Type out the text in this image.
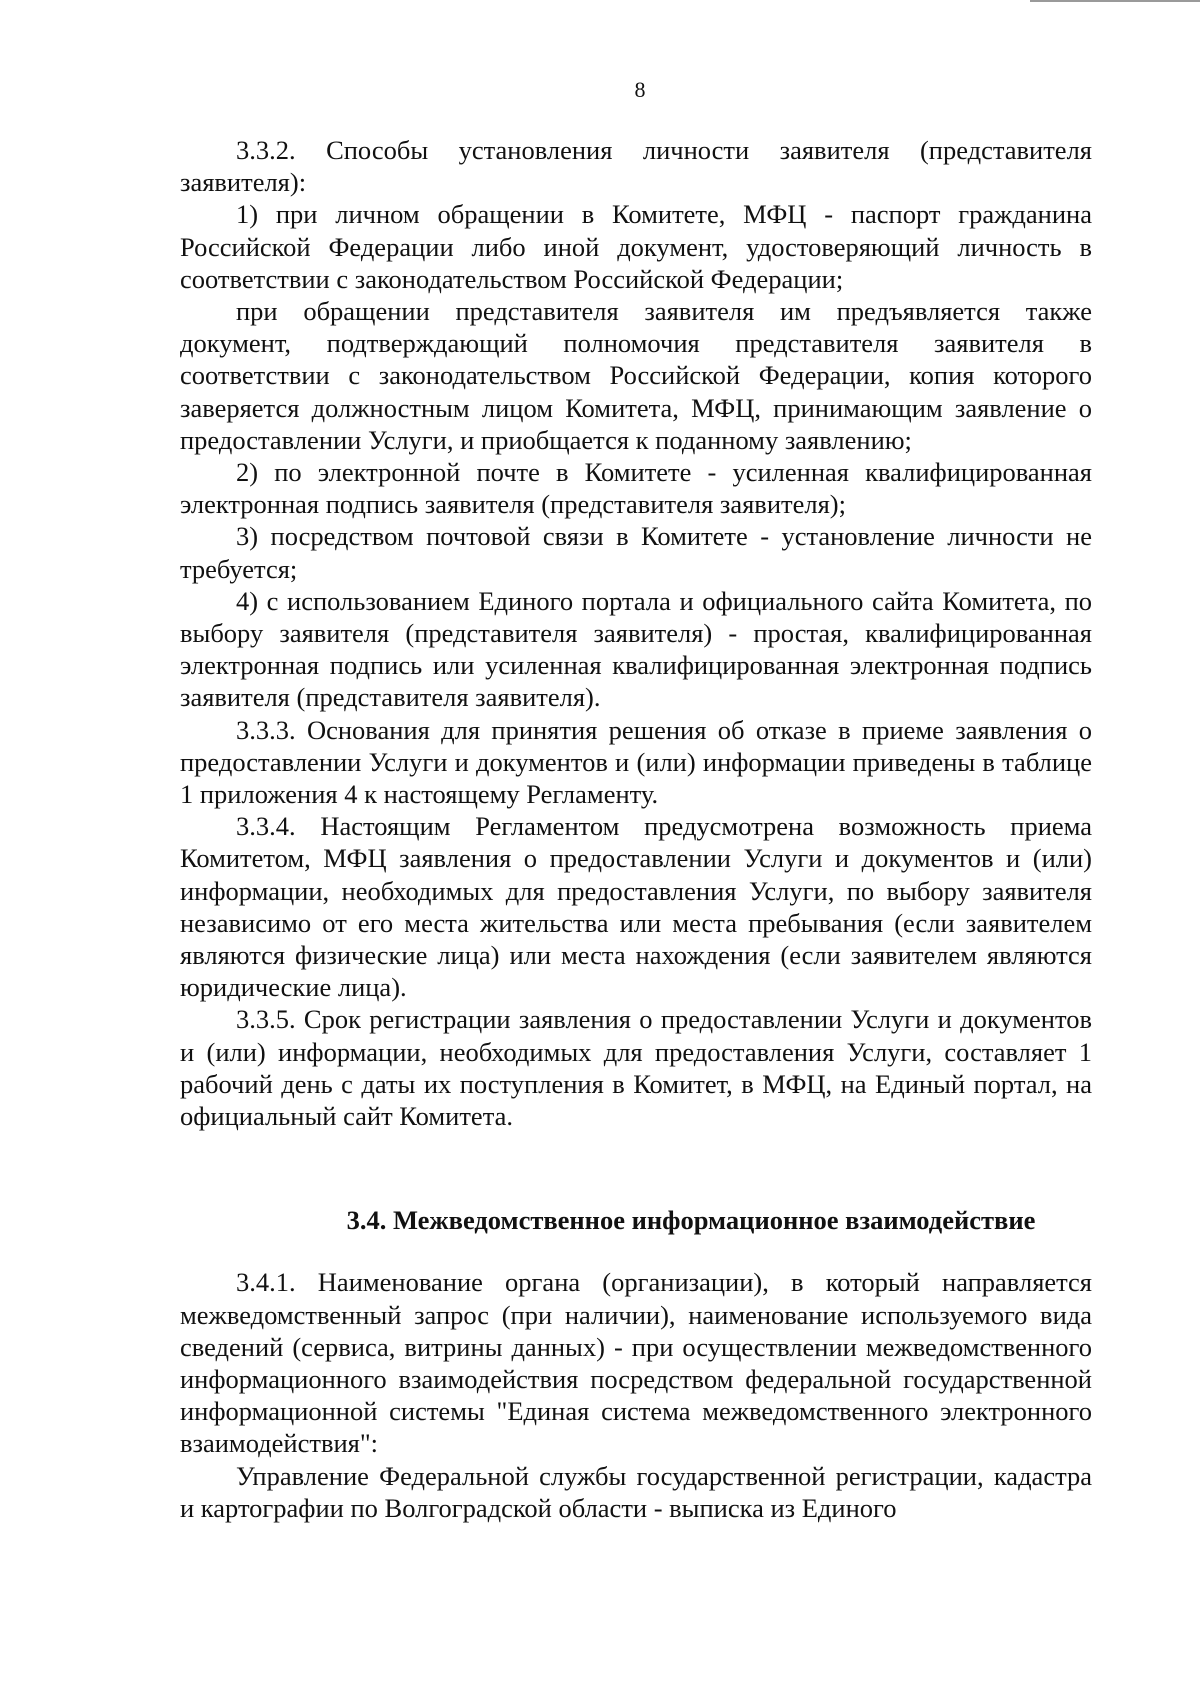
8

3.3.2. Способы установления личности заявителя (представителя заявителя):

1) при личном обращении в Комитете, МФЦ - паспорт гражданина Российской Федерации либо иной документ, удостоверяющий личность в соответствии с законодательством Российской Федерации;

при обращении представителя заявителя им предъявляется также документ, подтверждающий полномочия представителя заявителя в соответствии с законодательством Российской Федерации, копия которого заверяется должностным лицом Комитета, МФЦ, принимающим заявление о предоставлении Услуги, и приобщается к поданному заявлению;

2) по электронной почте в Комитете - усиленная квалифицированная электронная подпись заявителя (представителя заявителя);

3) посредством почтовой связи в Комитете - установление личности не требуется;

4) с использованием Единого портала и официального сайта Комитета, по выбору заявителя (представителя заявителя) - простая, квалифицированная электронная подпись или усиленная квалифицированная электронная подпись заявителя (представителя заявителя).

3.3.3. Основания для принятия решения об отказе в приеме заявления о предоставлении Услуги и документов и (или) информации приведены в таблице 1 приложения 4 к настоящему Регламенту.

3.3.4. Настоящим Регламентом предусмотрена возможность приема Комитетом, МФЦ заявления о предоставлении Услуги и документов и (или) информации, необходимых для предоставления Услуги, по выбору заявителя независимо от его места жительства или места пребывания (если заявителем являются физические лица) или места нахождения (если заявителем являются юридические лица).

3.3.5. Срок регистрации заявления о предоставлении Услуги и документов и (или) информации, необходимых для предоставления Услуги, составляет 1 рабочий день с даты их поступления в Комитет, в МФЦ, на Единый портал, на официальный сайт Комитета.

3.4. Межведомственное информационное взаимодействие

3.4.1. Наименование органа (организации), в который направляется межведомственный запрос (при наличии), наименование используемого вида сведений (сервиса, витрины данных) - при осуществлении межведомственного информационного взаимодействия посредством федеральной государственной информационной системы "Единая система межведомственного электронного взаимодействия":

Управление Федеральной службы государственной регистрации, кадастра и картографии по Волгоградской области - выписка из Единого
